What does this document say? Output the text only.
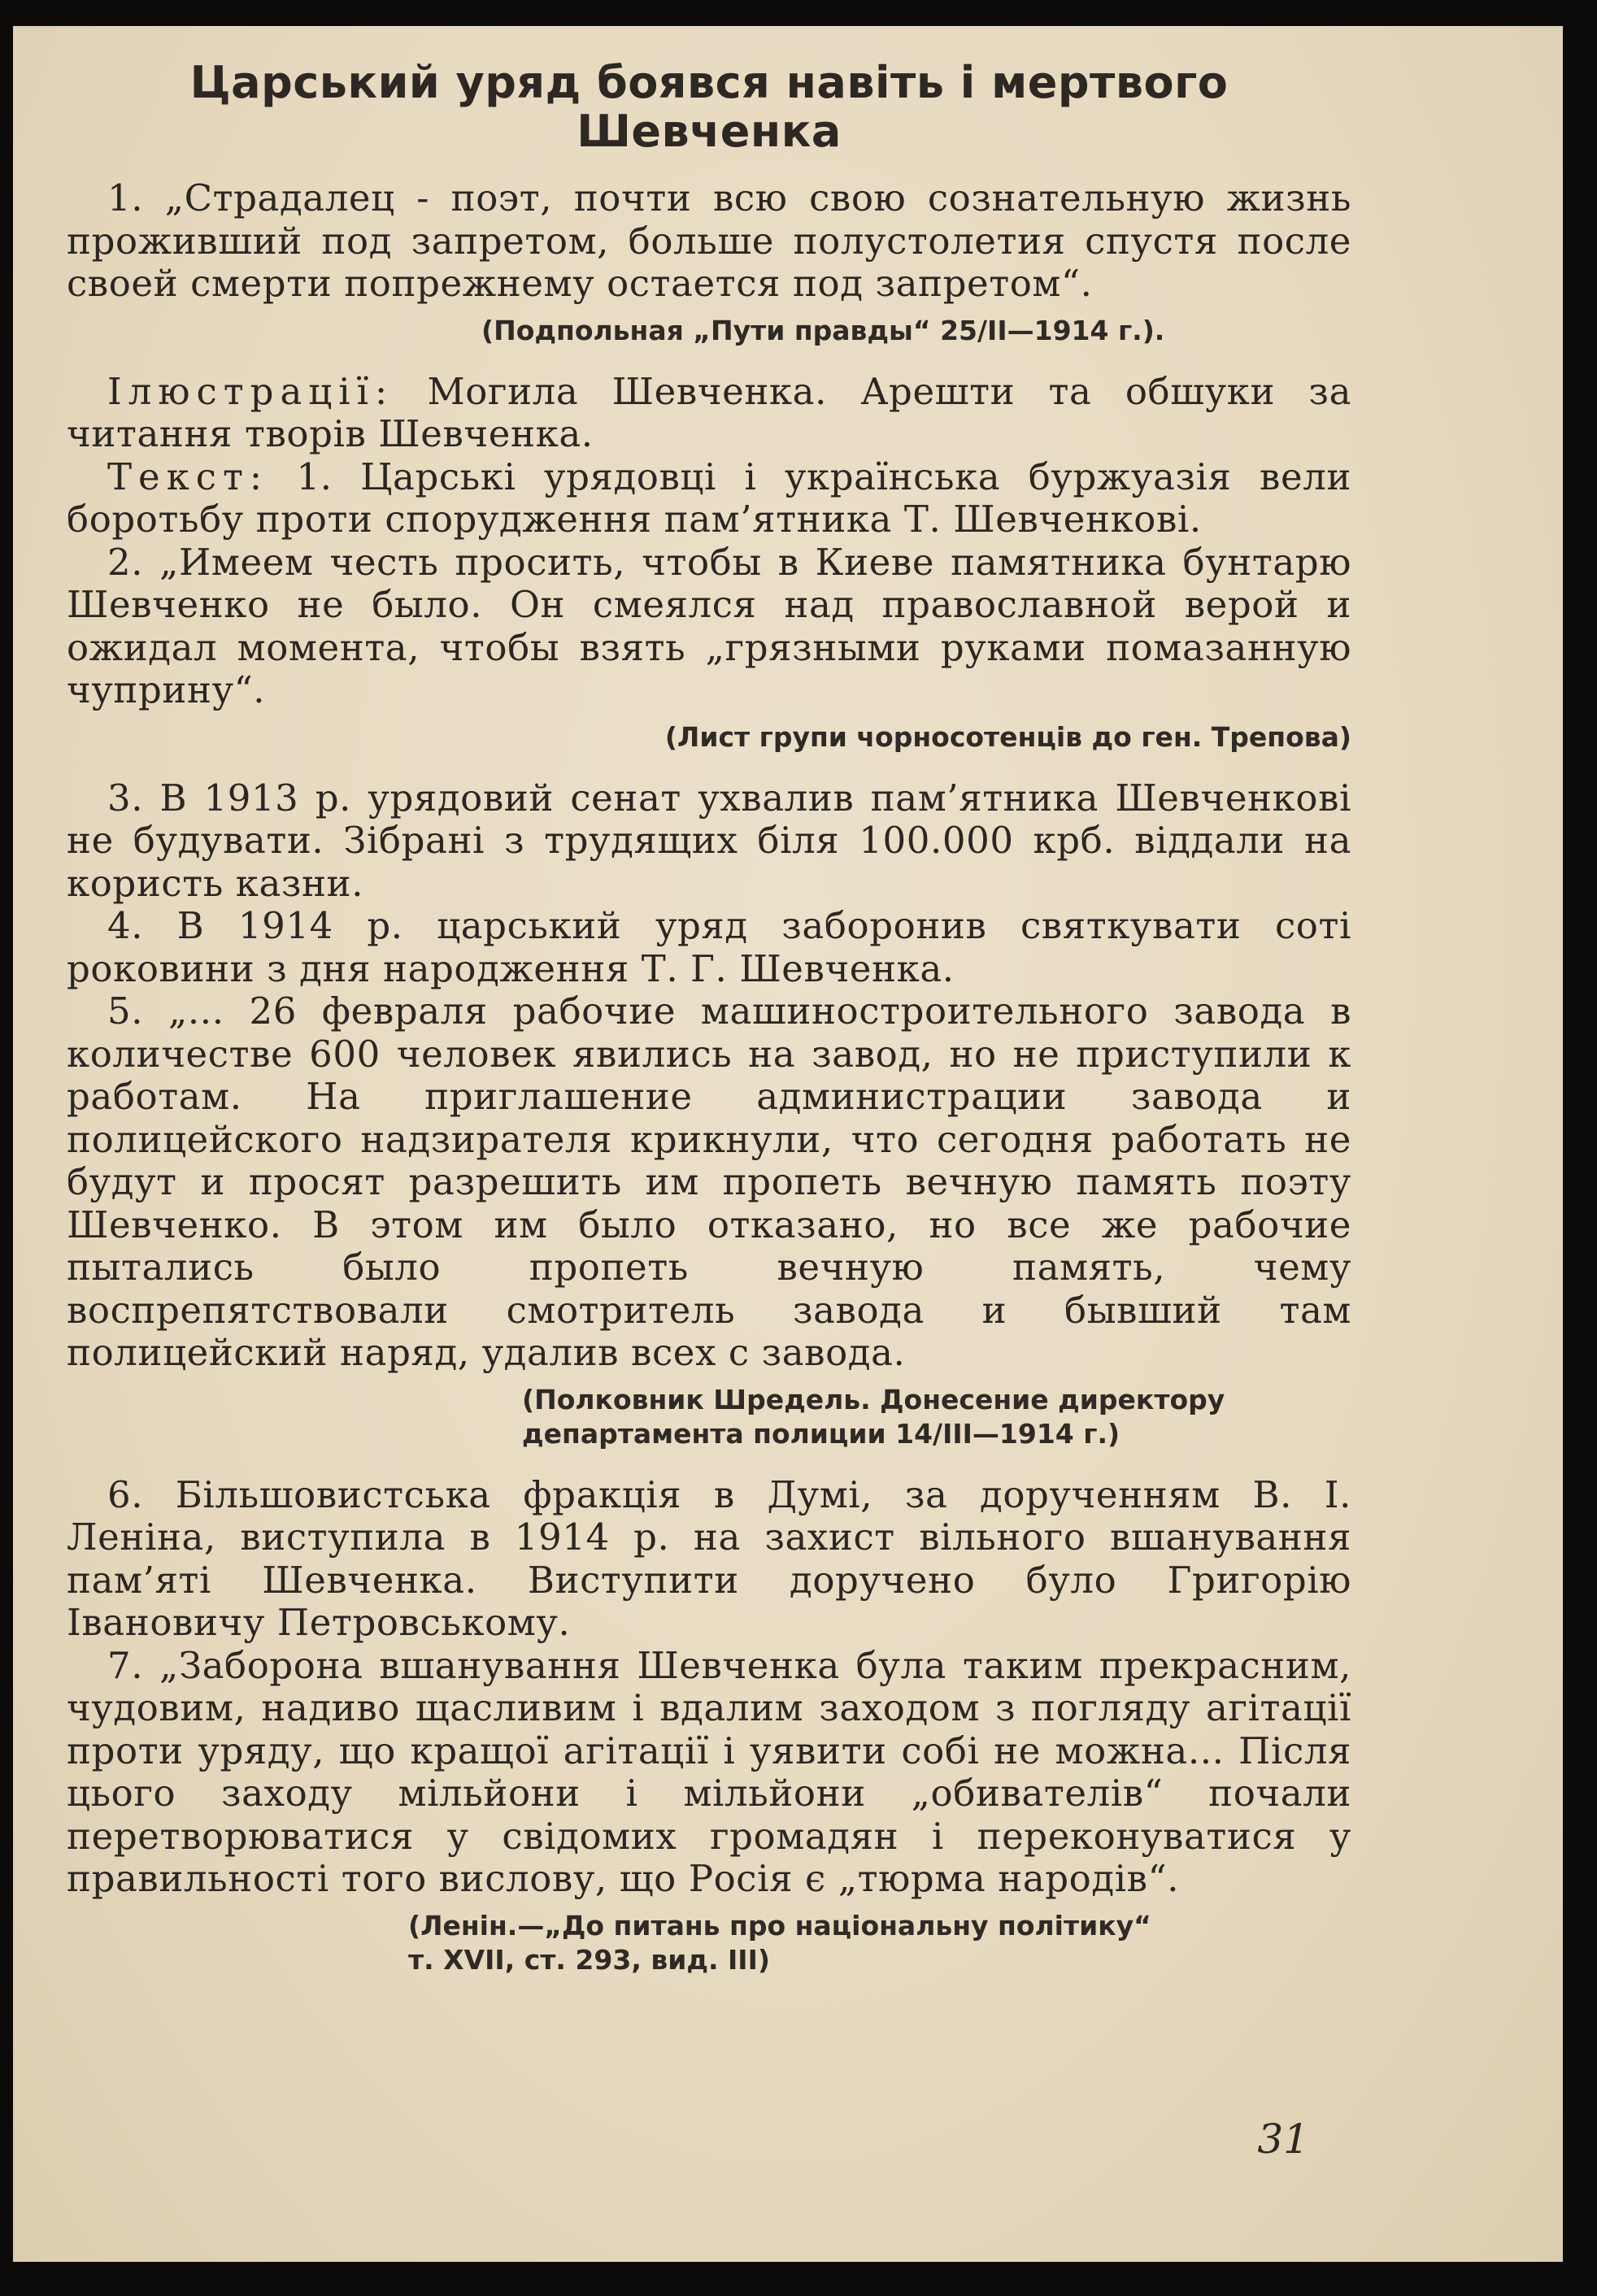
Царський уряд боявся навіть і мертвого
Шевченка

1. „Страдалец - поэт, почти всю свою сознательную жизнь проживший под запретом, больше полустолетия спустя после своей смерти попрежнему остается под запретом“.

(Подпольная „Пути правды“ 25/II—1914 г.).

Ілюстрації: Могила Шевченка. Арешти та обшуки за читання творів Шевченка.

Текст: 1. Царські урядовці і українська буржуазія вели боротьбу проти спорудження пам’ятника Т. Шевченкові.

2. „Имеем честь просить, чтобы в Киеве памятника бунтарю Шевченко не было. Он смеялся над православной верой и ожидал момента, чтобы взять „грязными руками помазанную чуприну“.

(Лист групи чорносотенців до ген. Трепова)

3. В 1913 р. урядовий сенат ухвалив пам’ятника Шевченкові не будувати. Зібрані з трудящих біля 100.000 крб. віддали на користь казни.

4. В 1914 р. царський уряд заборонив святкувати соті роковини з дня народження Т. Г. Шевченка.

5. „... 26 февраля рабочие машиностроительного завода в количестве 600 человек явились на завод, но не приступили к работам. На приглашение администрации завода и полицейского надзирателя крикнули, что сегодня работать не будут и просят разрешить им пропеть вечную память поэту Шевченко. В этом им было отказано, но все же рабочие пытались было пропеть вечную память, чему воспрепятствовали смотритель завода и бывший там полицейский наряд, удалив всех с завода.

(Полковник Шредель. Донесение директору
департамента полиции 14/III—1914 г.)

6. Більшовистська фракція в Думі, за дорученням В. І. Леніна, виступила в 1914 р. на захист вільного вшанування пам’яті Шевченка. Виступити доручено було Григорію Івановичу Петровському.

7. „Заборона вшанування Шевченка була таким прекрасним, чудовим, надиво щасливим і вдалим заходом з погляду агітації проти уряду, що кращої агітації і уявити собі не можна... Після цього заходу мільйони і мільйони „обивателів“ почали перетворюватися у свідомих громадян і переконуватися у правильності того вислову, що Росія є „тюрма народів“.

(Ленін.—„До питань про національну політику“
т. XVII, ст. 293, вид. III)
31
